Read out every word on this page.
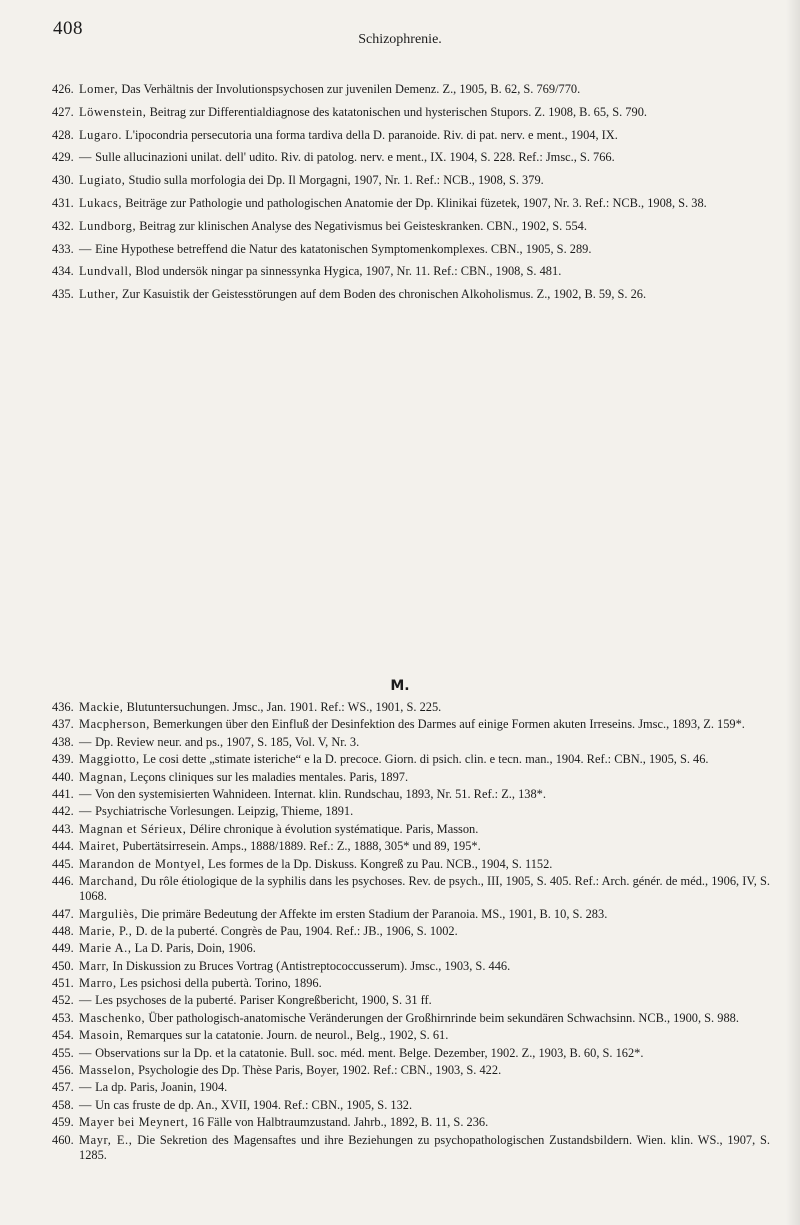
408
Schizophrenie.
426. Lomer, Das Verhältnis der Involutionspsychosen zur juvenilen Demenz. Z., 1905, B. 62, S. 769/770.
427. Löwenstein, Beitrag zur Differentialdiagnose des katatonischen und hysterischen Stupors. Z. 1908, B. 65, S. 790.
428. Lugaro. L'ipocondria persecutoria una forma tardiva della D. paranoide. Riv. di pat. nerv. e ment., 1904, IX.
429. — Sulle allucinazioni unilat. dell' udito. Riv. di patolog. nerv. e ment., IX. 1904, S. 228. Ref.: Jmsc., S. 766.
430. Lugiato, Studio sulla morfologia dei Dp. Il Morgagni, 1907, Nr. 1. Ref.: NCB., 1908, S. 379.
431. Lukacs, Beiträge zur Pathologie und pathologischen Anatomie der Dp. Klinikai füzetek, 1907, Nr. 3. Ref.: NCB., 1908, S. 38.
432. Lundborg, Beitrag zur klinischen Analyse des Negativismus bei Geisteskranken. CBN., 1902, S. 554.
433. — Eine Hypothese betreffend die Natur des katatonischen Symptomenkomplexes. CBN., 1905, S. 289.
434. Lundvall, Blod undersök ningar pa sinnessynka Hygica, 1907, Nr. 11. Ref.: CBN., 1908, S. 481.
435. Luther, Zur Kasuistik der Geistesstörungen auf dem Boden des chronischen Alkoholismus. Z., 1902, B. 59, S. 26.
M.
436. Mackie, Blutuntersuchungen. Jmsc., Jan. 1901. Ref.: WS., 1901, S. 225.
437. Macpherson, Bemerkungen über den Einfluß der Desinfektion des Darmes auf einige Formen akuten Irreseins. Jmsc., 1893, Z. 159*.
438. — Dp. Review neur. and ps., 1907, S. 185, Vol. V, Nr. 3.
439. Maggiotto, Le cosi dette „stimate isteriche“ e la D. precoce. Giorn. di psich. clin. e tecn. man., 1904. Ref.: CBN., 1905, S. 46.
440. Magnan, Leçons cliniques sur les maladies mentales. Paris, 1897.
441. — Von den systemisierten Wahnideen. Internat. klin. Rundschau, 1893, Nr. 51. Ref.: Z., 138*.
442. — Psychiatrische Vorlesungen. Leipzig, Thieme, 1891.
443. Magnan et Sérieux, Délire chronique à évolution systématique. Paris, Masson.
444. Mairet, Pubertätsirresein. Amps., 1888/1889. Ref.: Z., 1888, 305* und 89, 195*.
445. Marandon de Montyel, Les formes de la Dp. Diskuss. Kongreß zu Pau. NCB., 1904, S. 1152.
446. Marchand, Du rôle étiologique de la syphilis dans les psychoses. Rev. de psych., III, 1905, S. 405. Ref.: Arch. génér. de méd., 1906, IV, S. 1068.
447. Marguliès, Die primäre Bedeutung der Affekte im ersten Stadium der Paranoia. MS., 1901, B. 10, S. 283.
448. Marie, P., D. de la puberté. Congrès de Pau, 1904. Ref.: JB., 1906, S. 1002.
449. Marie A., La D. Paris, Doin, 1906.
450. Marr, In Diskussion zu Bruces Vortrag (Antistreptococcusserum). Jmsc., 1903, S. 446.
451. Marro, Les psichosi della pubertà. Torino, 1896.
452. — Les psychoses de la puberté. Pariser Kongreßbericht, 1900, S. 31 ff.
453. Maschenko, Über pathologisch-anatomische Veränderungen der Großhirnrinde beim sekundären Schwachsinn. NCB., 1900, S. 988.
454. Masoin, Remarques sur la catatonie. Journ. de neurol., Belg., 1902, S. 61.
455. — Observations sur la Dp. et la catatonie. Bull. soc. méd. ment. Belge. Dezember, 1902. Z., 1903, B. 60, S. 162*.
456. Masselon, Psychologie des Dp. Thèse Paris, Boyer, 1902. Ref.: CBN., 1903, S. 422.
457. — La dp. Paris, Joanin, 1904.
458. — Un cas fruste de dp. An., XVII, 1904. Ref.: CBN., 1905, S. 132.
459. Mayer bei Meynert, 16 Fälle von Halbtraumzustand. Jahrb., 1892, B. 11, S. 236.
460. Mayr, E., Die Sekretion des Magensaftes und ihre Beziehungen zu psychopathologischen Zustandsbildern. Wien. klin. WS., 1907, S. 1285.
